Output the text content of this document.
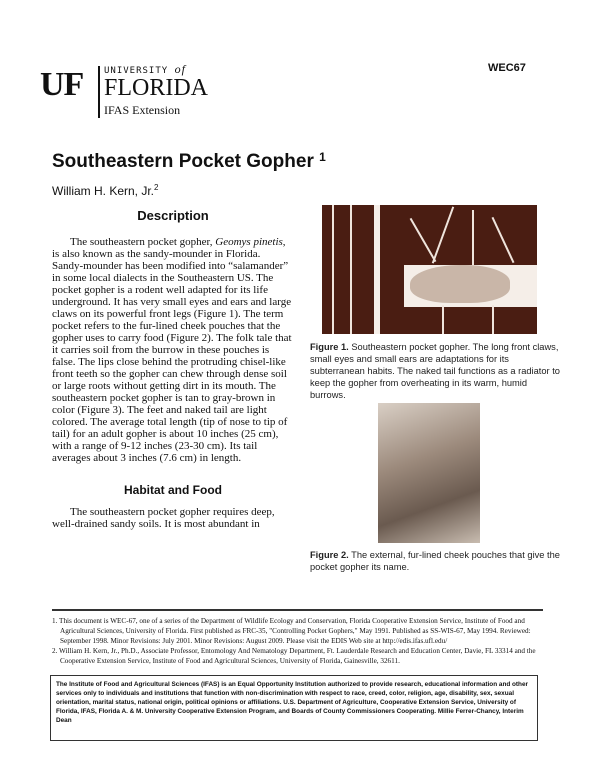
WEC67
UF UNIVERSITY of
FLORIDA
IFAS Extension
Southeastern Pocket Gopher $^1$
William H. Kern, Jr.$^2$
Description

The southeastern pocket gopher, Geomys pinetis, is also known as the sandy-mounder in Florida. Sandy-mounder has been modified into “salamander” in some local dialects in the Southeastern US. The pocket gopher is a rodent well adapted for its life underground. It has very small eyes and ears and large claws on its powerful front legs (Figure 1). The term pocket refers to the fur-lined cheek pouches that the gopher uses to carry food (Figure 2). The folk tale that it carries soil from the burrow in these pouches is false. The lips close behind the protruding chisel-like front teeth so the gopher can chew through dense soil or large roots without getting dirt in its mouth. The southeastern pocket gopher is tan to gray-brown in color (Figure 3). The feet and naked tail are light colored. The average total length (tip of nose to tip of tail) for an adult gopher is about 10 inches (25 cm), with a range of 9-12 inches (23-30 cm). Its tail averages about 3 inches (7.6 cm) in length.

Habitat and Food

The southeastern pocket gopher requires deep, well-drained sandy soils. It is most abundant in

Figure 1. Southeastern pocket gopher. The long front claws, small eyes and small ears are adaptations for its subterranean habits. The naked tail functions as a radiator to keep the gopher from overheating in its warm, humid burrows.
Figure 2. The external, fur-lined cheek pouches that give the pocket gopher its name.
1. This document is WEC-67, one of a series of the Department of Wildlife Ecology and Conservation, Florida Cooperative Extension Service, Institute of Food and Agricultural Sciences, University of Florida. First published as FRC-35, "Controlling Pocket Gophers," May 1991. Published as SS-WIS-67, May 1994. Reviewed: September 1998. Minor Revisions: July 2001. Minor Revisions: August 2009. Please visit the EDIS Web site at http://edis.ifas.ufl.edu/
2. William H. Kern, Jr., Ph.D., Associate Professor, Entomology And Nematology Department, Ft. Lauderdale Research and Education Center, Davie, FL 33314 and the Cooperative Extension Service, Institute of Food and Agricultural Sciences, University of Florida, Gainesville, 32611.
The Institute of Food and Agricultural Sciences (IFAS) is an Equal Opportunity Institution authorized to provide research, educational information and other services only to individuals and institutions that function with non-discrimination with respect to race, creed, color, religion, age, disability, sex, sexual orientation, marital status, national origin, political opinions or affiliations. U.S. Department of Agriculture, Cooperative Extension Service, University of Florida, IFAS, Florida A. & M. University Cooperative Extension Program, and Boards of County Commissioners Cooperating. Millie Ferrer-Chancy, Interim Dean
